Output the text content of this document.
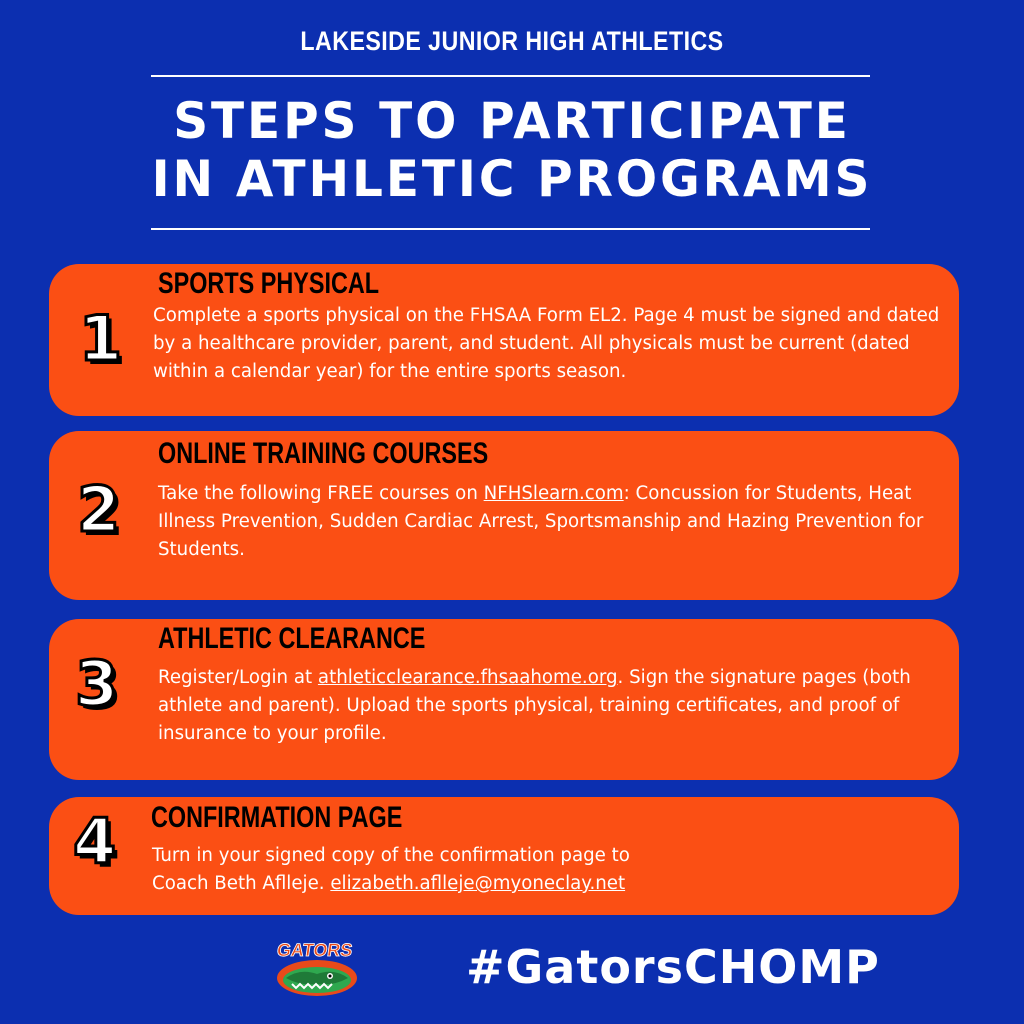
LAKESIDE JUNIOR HIGH ATHLETICS
STEPS TO PARTICIPATE
IN ATHLETIC PROGRAMS
1
SPORTS PHYSICAL
Complete a sports physical on the FHSAA Form EL2. Page 4 must be signed and dated by a healthcare provider, parent, and student. All physicals must be current (dated within a calendar year) for the entire sports season.
2
ONLINE TRAINING COURSES
Take the following FREE courses on NFHSlearn.com: Concussion for Students, Heat Illness Prevention, Sudden Cardiac Arrest, Sportsmanship and Hazing Prevention for Students.
3
ATHLETIC CLEARANCE
Register/Login at athleticclearance.fhsaahome.org. Sign the signature pages (both athlete and parent). Upload the sports physical, training certificates, and proof of insurance to your profile.
4 CONFIRMATION PAGE
Turn in your signed copy of the confirmation page to
Coach Beth Aflleje. elizabeth.aflleje@myoneclay.net
GATORS #GatorsCHOMP
